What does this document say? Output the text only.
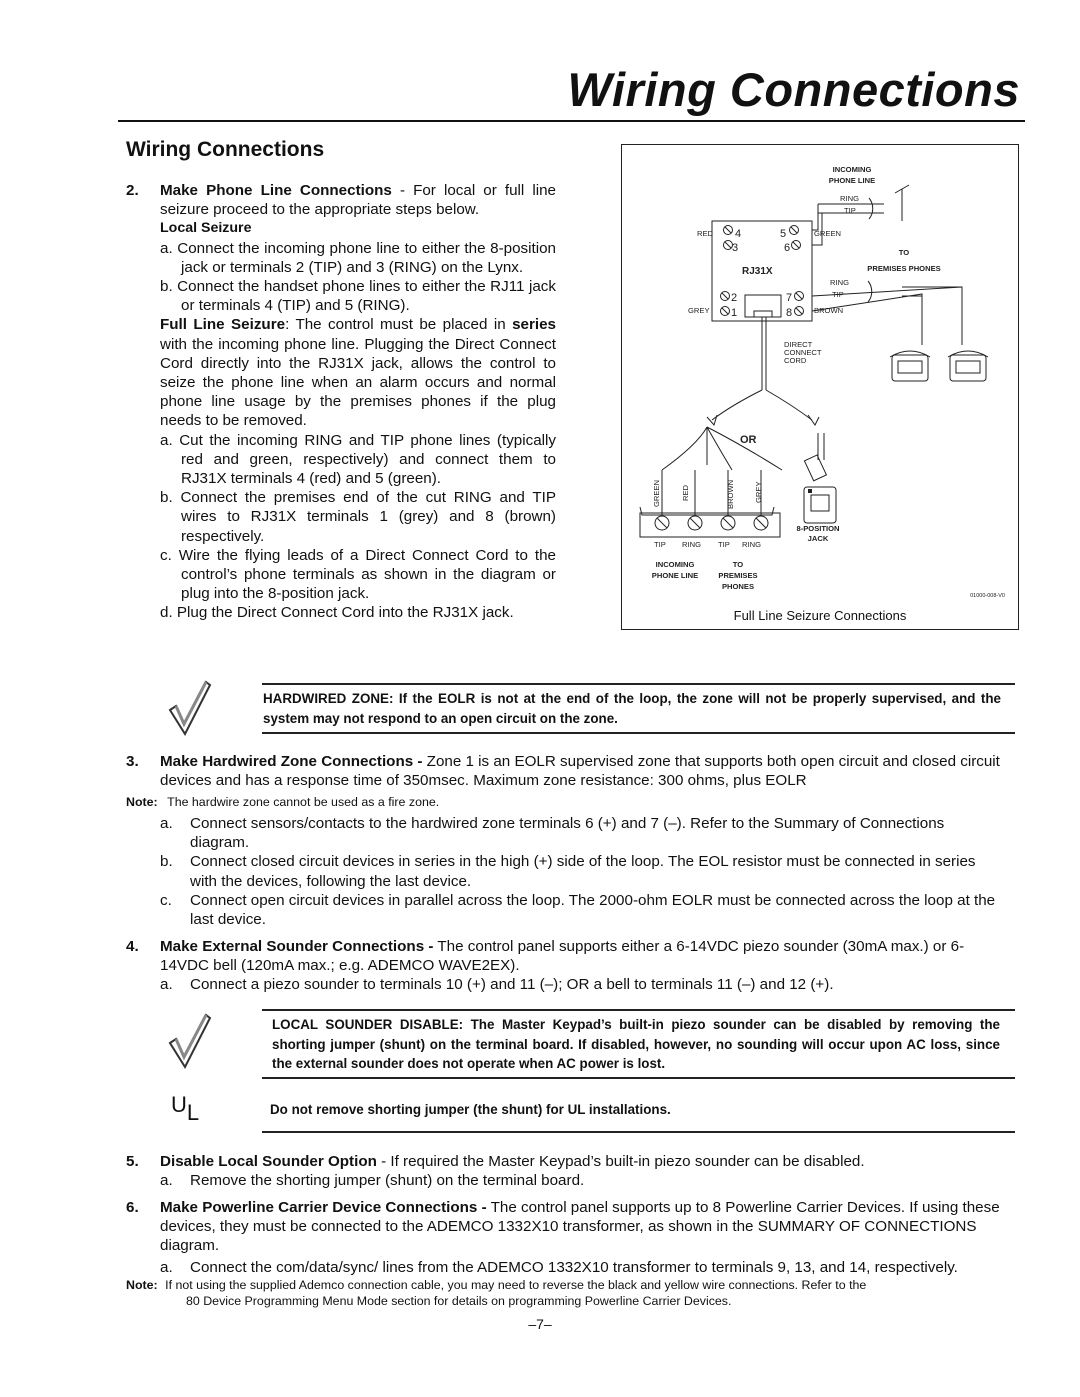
Wiring Connections
Wiring Connections
2. Make Phone Line Connections - For local or full line seizure proceed to the appropriate steps below.
Local Seizure
a. Connect the incoming phone line to either the 8-position jack or terminals 2 (TIP) and 3 (RING) on the Lynx.
b. Connect the handset phone lines to either the RJ11 jack or terminals 4 (TIP) and 5 (RING).
Full Line Seizure: The control must be placed in series with the incoming phone line. Plugging the Direct Connect Cord directly into the RJ31X jack, allows the control to seize the phone line when an alarm occurs and normal phone line usage by the premises phones if the plug needs to be removed.
a. Cut the incoming RING and TIP phone lines (typically red and green, respectively) and connect them to RJ31X terminals 4 (red) and 5 (green).
b. Connect the premises end of the cut RING and TIP wires to RJ31X terminals 1 (grey) and 8 (brown) respectively.
c. Wire the flying leads of a Direct Connect Cord to the control’s phone terminals as shown in the diagram or plug into the 8-position jack.
d. Plug the Direct Connect Cord into the RJ31X jack.
INCOMING
PHONE LINE
RING
TIP
RED	GREEN
GREY	BROWN
4	5
3	6
2	7
1	8
RJ31X
TO
PREMISES PHONES
RING
TIP
DIRECT
CONNECT
CORD
OR
GREEN	RED	BROWN	GREY
TIP RING TIP RING
INCOMING
PHONE LINE
TO
PREMISES
PHONES
8-POSITION
JACK
01000-008-V0
Full Line Seizure Connections
HARDWIRED ZONE: If the EOLR is not at the end of the loop, the zone will not be properly supervised, and the system may not respond to an open circuit on the zone.
3. Make Hardwired Zone Connections - Zone 1 is an EOLR supervised zone that supports both open circuit and closed circuit devices and has a response time of 350msec. Maximum zone resistance: 300 ohms, plus EOLR
Note: The hardwire zone cannot be used as a fire zone.
a. Connect sensors/contacts to the hardwired zone terminals 6 (+) and 7 (–). Refer to the Summary of Connections diagram.
b. Connect closed circuit devices in series in the high (+) side of the loop. The EOL resistor must be connected in series with the devices, following the last device.
c. Connect open circuit devices in parallel across the loop. The 2000-ohm EOLR must be connected across the loop at the last device.
4. Make External Sounder Connections - The control panel supports either a 6-14VDC piezo sounder (30mA max.) or 6-14VDC bell (120mA max.; e.g. ADEMCO WAVE2EX).
a. Connect a piezo sounder to terminals 10 (+) and 11 (–); OR a bell to terminals 11 (–) and 12 (+).
LOCAL SOUNDER DISABLE: The Master Keypad’s built-in piezo sounder can be disabled by removing the shorting jumper (shunt) on the terminal board. If disabled, however, no sounding will occur upon AC loss, since the external sounder does not operate when AC power is lost.
UL	Do not remove shorting jumper (the shunt) for UL installations.
5. Disable Local Sounder Option - If required the Master Keypad’s built-in piezo sounder can be disabled.
a. Remove the shorting jumper (shunt) on the terminal board.
6. Make Powerline Carrier Device Connections - The control panel supports up to 8 Powerline Carrier Devices. If using these devices, they must be connected to the ADEMCO 1332X10 transformer, as shown in the SUMMARY OF CONNECTIONS diagram.
a. Connect the com/data/sync/ lines from the ADEMCO 1332X10 transformer to terminals 9, 13, and 14, respectively.
Note: If not using the supplied Ademco connection cable, you may need to reverse the black and yellow wire connections. Refer to the
80 Device Programming Menu Mode section for details on programming Powerline Carrier Devices.
–7–
